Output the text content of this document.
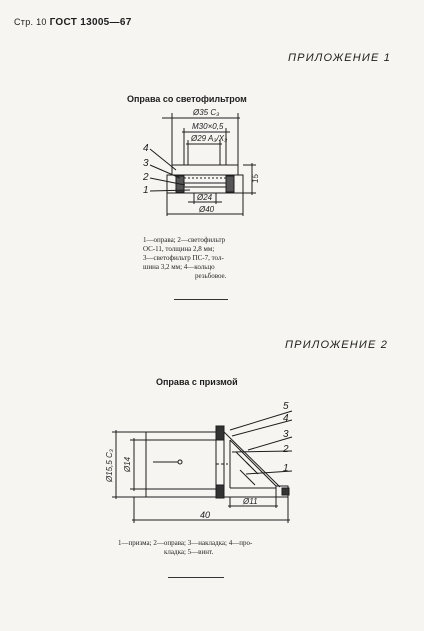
Стр. 10 ГОСТ 13005—67
ПРИЛОЖЕНИЕ 1
Оправа со светофильтром
Ø35 C₃
М30×0,5
Ø29 A₃/X₃
Ø24
Ø40
15
4
3
2
1
1—оправа; 2—светофильтр
ОС-11, толщина 2,8 мм;
3—светофильтр ПС-7, тол-
шина 3,2 мм; 4—кольцо
резьбовое.
ПРИЛОЖЕНИЕ 2
Оправа с призмой
5
4
3
2
1
Ø15,5 C₃ Ø14
Ø11
40
1—призма; 2—оправа; 3—накладка; 4—про-
кладка; 5—винт.
